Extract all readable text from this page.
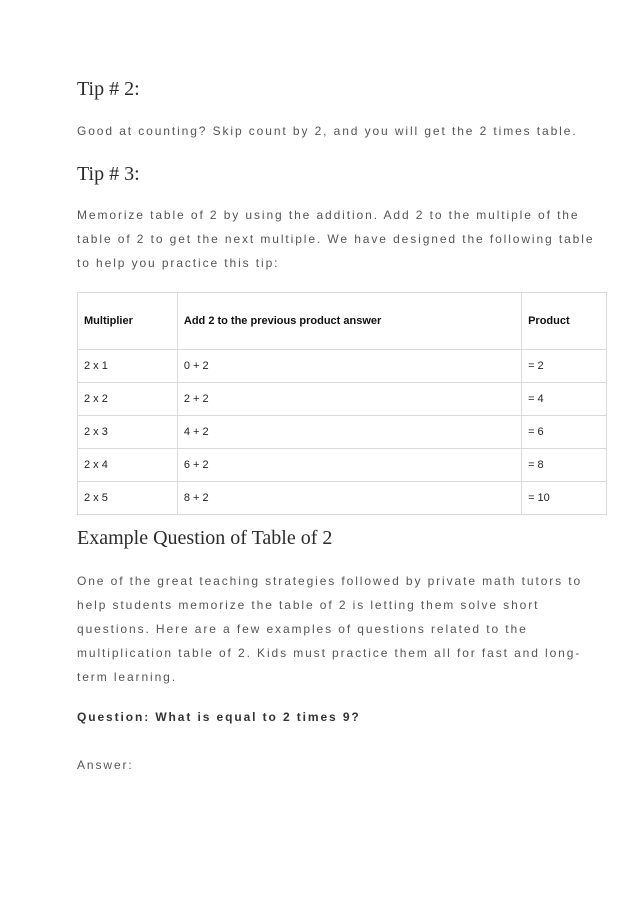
Tip # 2:

Good at counting? Skip count by 2, and you will get the 2 times table.

Tip # 3:

Memorize table of 2 by using the addition. Add 2 to the multiple of the
table of 2 to get the next multiple. We have designed the following table
to help you practice this tip:

Multiplier	Add 2 to the previous product answer	Product
2 x 1	0 + 2	= 2
2 x 2	2 + 2	= 4
2 x 3	4 + 2	= 6
2 x 4	6 + 2	= 8
2 x 5	8 + 2	= 10
Example Question of Table of 2

One of the great teaching strategies followed by private math tutors to
help students memorize the table of 2 is letting them solve short
questions. Here are a few examples of questions related to the
multiplication table of 2. Kids must practice them all for fast and long-
term learning.

Question: What is equal to 2 times 9?

Answer:
